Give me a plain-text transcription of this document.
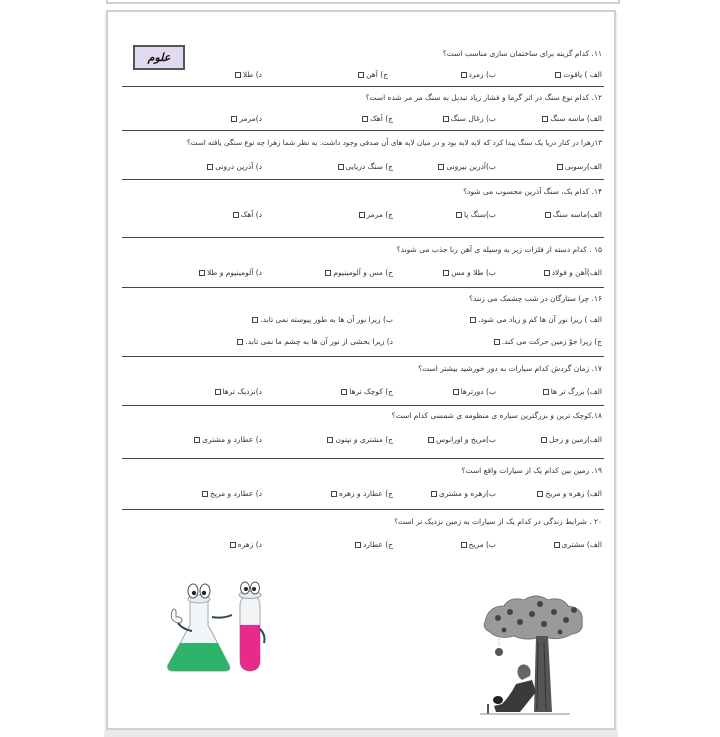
علوم	۱۱. کدام گزینه برای ساختمان سازی مناسب است؟
الف ) یاقوت
ب) زمرد
ج) آهن
د) طلا
۱۲. کدام نوع سنگ در اثر گرما و فشار زیاد تبدیل به سنگ مر مر شده است؟
الف) ماسه سنگ
ب) زغال سنگ
ج) آهک
د)مرمر
۱۳زهرا در کنار دریا یک سنگ پیدا کرد که لایه لایه بود و در میان لایه های آن صدفی وجود داشت. به نظر شما زهرا چه نوع سنگی یافته است؟
الف)رسوبی
ب)آذرین بیرونی
ج) سنگ دریایی
د) آذرین درونی
۱۴. کدام یک، سنگ آذرین محسوب می شود؟
الف)ماسه سنگ
ب)سنگ پا
ج) مرمر
د) آهک
۱۵ . کدام دسته از فلزات زیر به وسیله ی آهن ربا جذب می شوند؟
الف)آهن و فولاد
ب) طلا و مس
ج) مس و آلومینیوم
د) آلومینیوم و طلا
۱۶. چرا ستارگان در شب چشمک می زنند؟
الف ) زیرا نور آن ها کم و زیاد می شود.
ب) زیرا نور آن ها به طور پیوسته نمی تابد.
ج) زیرا جوّ زمین حرکت می کند.
د) زیرا بخشی از نور آن ها به چشم ما نمی تابد.
۱۷. زمان گردش کدام سیارات به دور خورشید بیشتر است؟
الف) بزرگ تر ها
ب) دورترها
ج) کوچک ترها
د)نزدیک ترها
۱۸.کوچک ترین و بزرگترین سیاره ی منظومه ی شمسی کدام است؟
الف)زمین و زحل
ب)مریخ و اورانوس
ج) مشتری و نپتون
د) عطارد و مشتری
۱۹. زمین بین کدام یک از سیارات واقع است؟
الف) زهره و مریخ
ب)زهره و مشتری
ج) عطارد و زهره
د) عطارد و مریخ
۲۰ . شرایط زندگی در کدام یک از سیارات به زمین نزدیک تر است؟
الف) مشتری
ب) مریخ
ج) عطارد
د) زهره
